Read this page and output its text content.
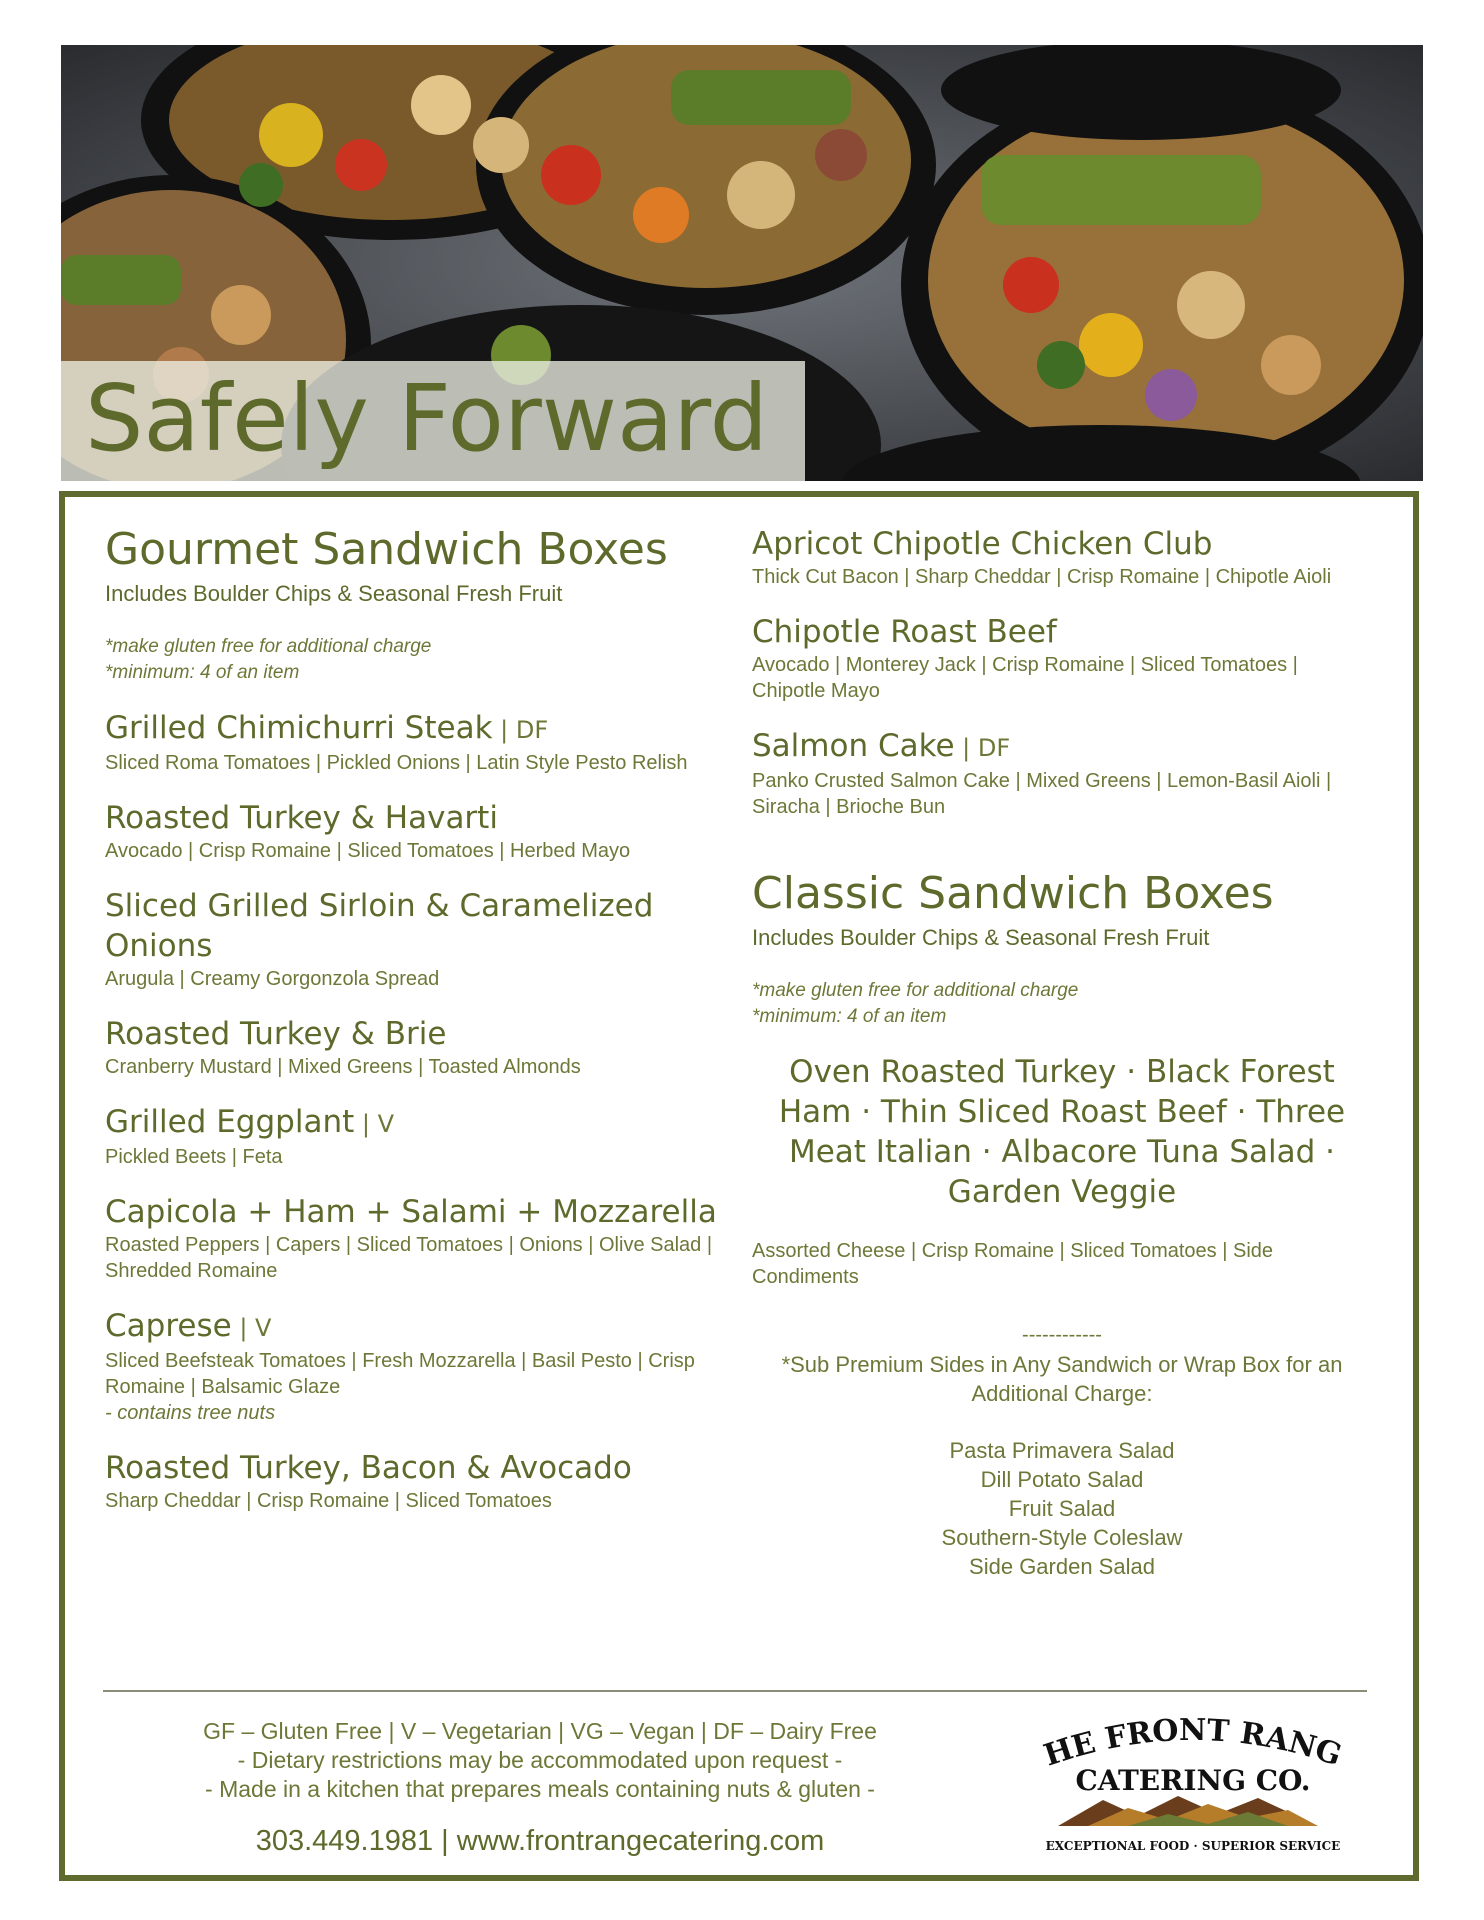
Safely Forward
Gourmet Sandwich Boxes

Includes Boulder Chips & Seasonal Fresh Fruit

*make gluten free for additional charge

*minimum: 4 of an item

Grilled Chimichurri Steak | DF

Sliced Roma Tomatoes | Pickled Onions | Latin Style Pesto Relish

Roasted Turkey & Havarti

Avocado | Crisp Romaine | Sliced Tomatoes | Herbed Mayo

Sliced Grilled Sirloin & Caramelized Onions

Arugula | Creamy Gorgonzola Spread

Roasted Turkey & Brie

Cranberry Mustard | Mixed Greens | Toasted Almonds

Grilled Eggplant | V

Pickled Beets | Feta

Capicola + Ham + Salami + Mozzarella

Roasted Peppers | Capers | Sliced Tomatoes | Onions | Olive Salad | Shredded Romaine

Caprese | V

Sliced Beefsteak Tomatoes | Fresh Mozzarella | Basil Pesto | Crisp Romaine | Balsamic Glaze

- contains tree nuts

Roasted Turkey, Bacon & Avocado

Sharp Cheddar | Crisp Romaine | Sliced Tomatoes

Apricot Chipotle Chicken Club

Thick Cut Bacon | Sharp Cheddar | Crisp Romaine | Chipotle Aioli

Chipotle Roast Beef

Avocado | Monterey Jack | Crisp Romaine | Sliced Tomatoes | Chipotle Mayo

Salmon Cake | DF

Panko Crusted Salmon Cake | Mixed Greens | Lemon-Basil Aioli | Siracha | Brioche Bun

Classic Sandwich Boxes

Includes Boulder Chips & Seasonal Fresh Fruit

*make gluten free for additional charge

*minimum: 4 of an item

Oven Roasted Turkey · Black Forest Ham · Thin Sliced Roast Beef · Three Meat Italian · Albacore Tuna Salad · Garden Veggie

Assorted Cheese | Crisp Romaine | Sliced Tomatoes | Side Condiments

------------

*Sub Premium Sides in Any Sandwich or Wrap Box for an Additional Charge:

Pasta Primavera Salad

Dill Potato Salad

Fruit Salad

Southern-Style Coleslaw

Side Garden Salad

GF – Gluten Free | V – Vegetarian | VG – Vegan | DF – Dairy Free

- Dietary restrictions may be accommodated upon request -

- Made in a kitchen that prepares meals containing nuts & gluten -

303.449.1981 | www.frontrangecatering.com

HE FRONT RANG
CATERING CO.
EXCEPTIONAL FOOD · SUPERIOR SERVICE
